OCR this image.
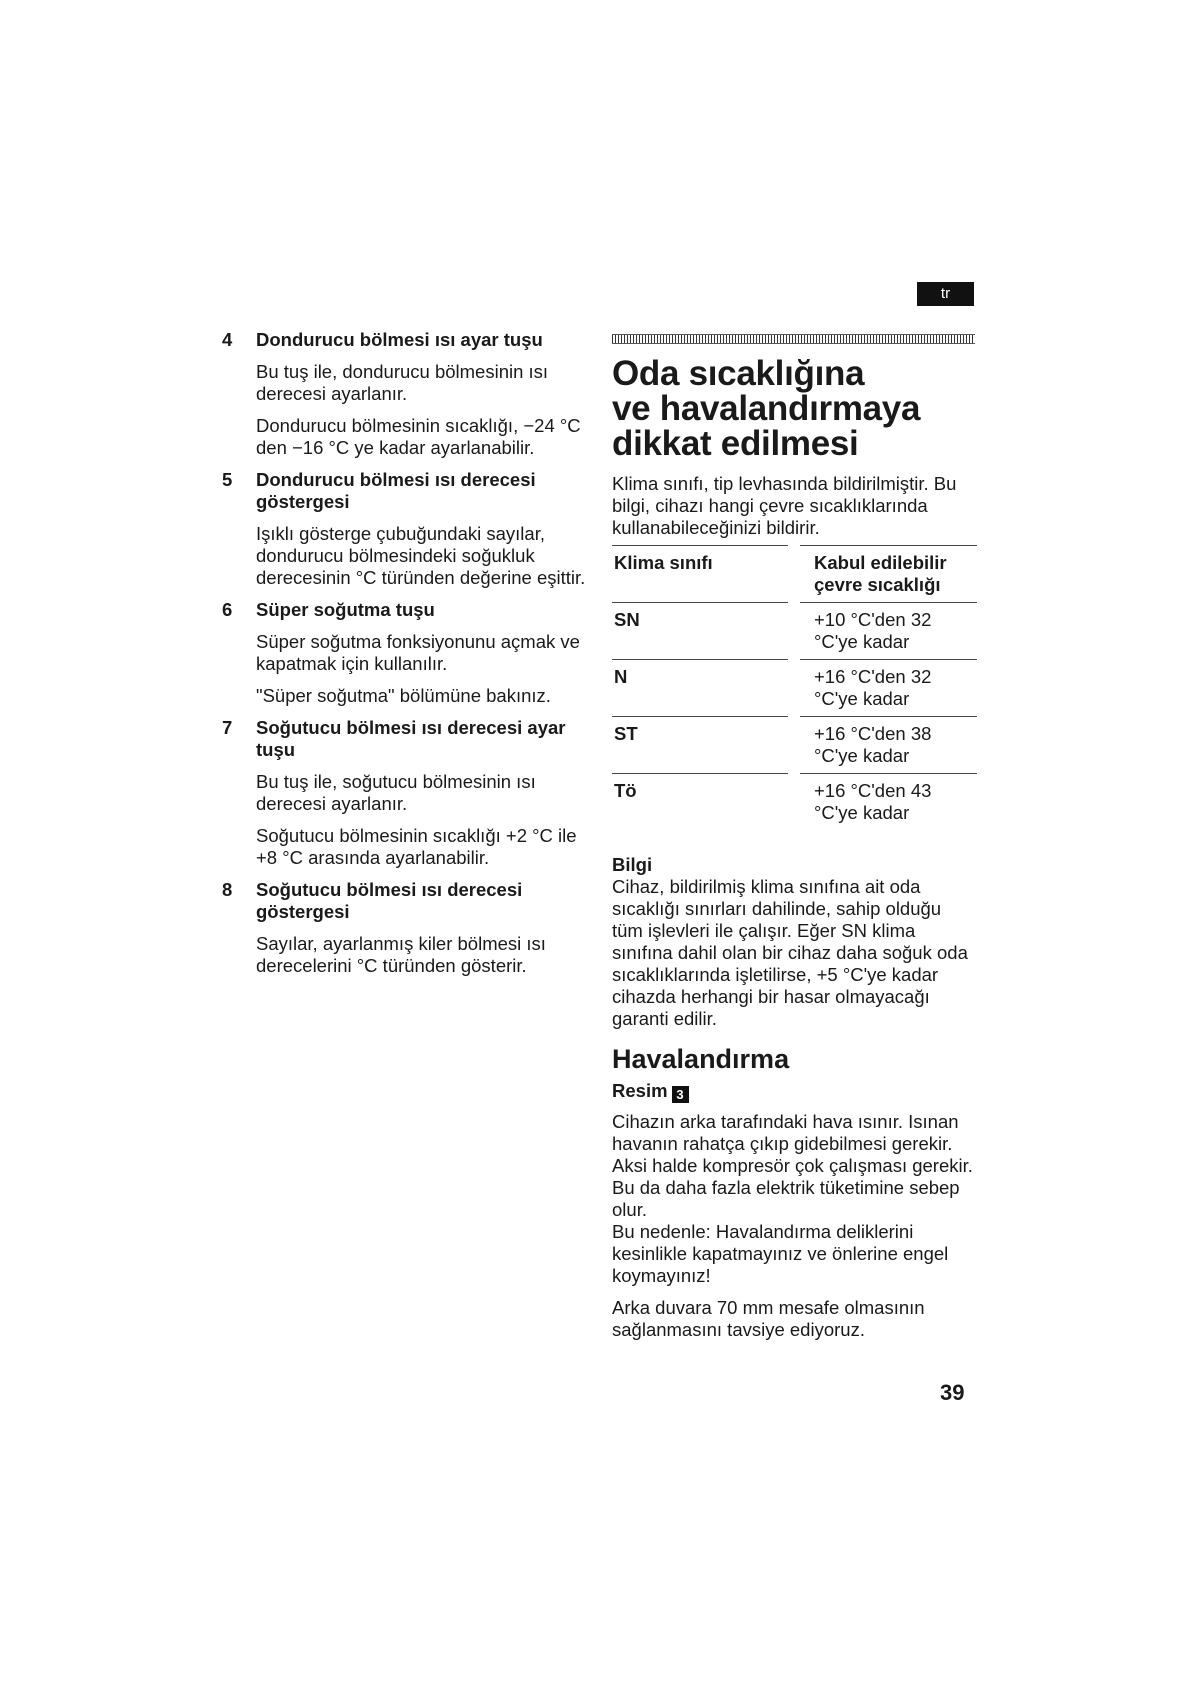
tr
4 Dondurucu bölmesi ısı ayar tuşu

Bu tuş ile, dondurucu bölmesinin ısı derecesi ayarlanır.

Dondurucu bölmesinin sıcaklığı, −24 °C den −16 °C ye kadar ayarlanabilir.

5 Dondurucu bölmesi ısı derecesi göstergesi

Işıklı gösterge çubuğundaki sayılar, dondurucu bölmesindeki soğukluk derecesinin °C türünden değerine eşittir.

6 Süper soğutma tuşu

Süper soğutma fonksiyonunu açmak ve kapatmak için kullanılır.

"Süper soğutma" bölümüne bakınız.

7 Soğutucu bölmesi ısı derecesi ayar tuşu

Bu tuş ile, soğutucu bölmesinin ısı derecesi ayarlanır.

Soğutucu bölmesinin sıcaklığı +2 °C ile +8 °C arasında ayarlanabilir.

8 Soğutucu bölmesi ısı derecesi göstergesi

Sayılar, ayarlanmış kiler bölmesi ısı derecelerini °C türünden gösterir.

Oda sıcaklığına
ve havalandırmaya
dikkat edilmesi

Klima sınıfı, tip levhasında bildirilmiştir. Bu bilgi, cihazı hangi çevre sıcaklıklarında kullanabileceğinizi bildirir.

Klima sınıfı		Kabul edilebilir çevre sıcaklığı
SN		+10 °C'den 32 °C'ye kadar
N		+16 °C'den 32 °C'ye kadar
ST		+16 °C'den 38 °C'ye kadar
Tö		+16 °C'den 43 °C'ye kadar
Bilgi

Cihaz, bildirilmiş klima sınıfına ait oda sıcaklığı sınırları dahilinde, sahip olduğu tüm işlevleri ile çalışır. Eğer SN klima sınıfına dahil olan bir cihaz daha soğuk oda sıcaklıklarında işletilirse, +5 °C'ye kadar cihazda herhangi bir hasar olmayacağı garanti edilir.

Havalandırma
Resim 3

Cihazın arka tarafındaki hava ısınır. Isınan havanın rahatça çıkıp gidebilmesi gerekir. Aksi halde kompresör çok çalışması gerekir. Bu da daha fazla elektrik tüketimine sebep olur.
Bu nedenle: Havalandırma deliklerini kesinlikle kapatmayınız ve önlerine engel koymayınız!

Arka duvara 70 mm mesafe olmasının sağlanmasını tavsiye ediyoruz.

39
